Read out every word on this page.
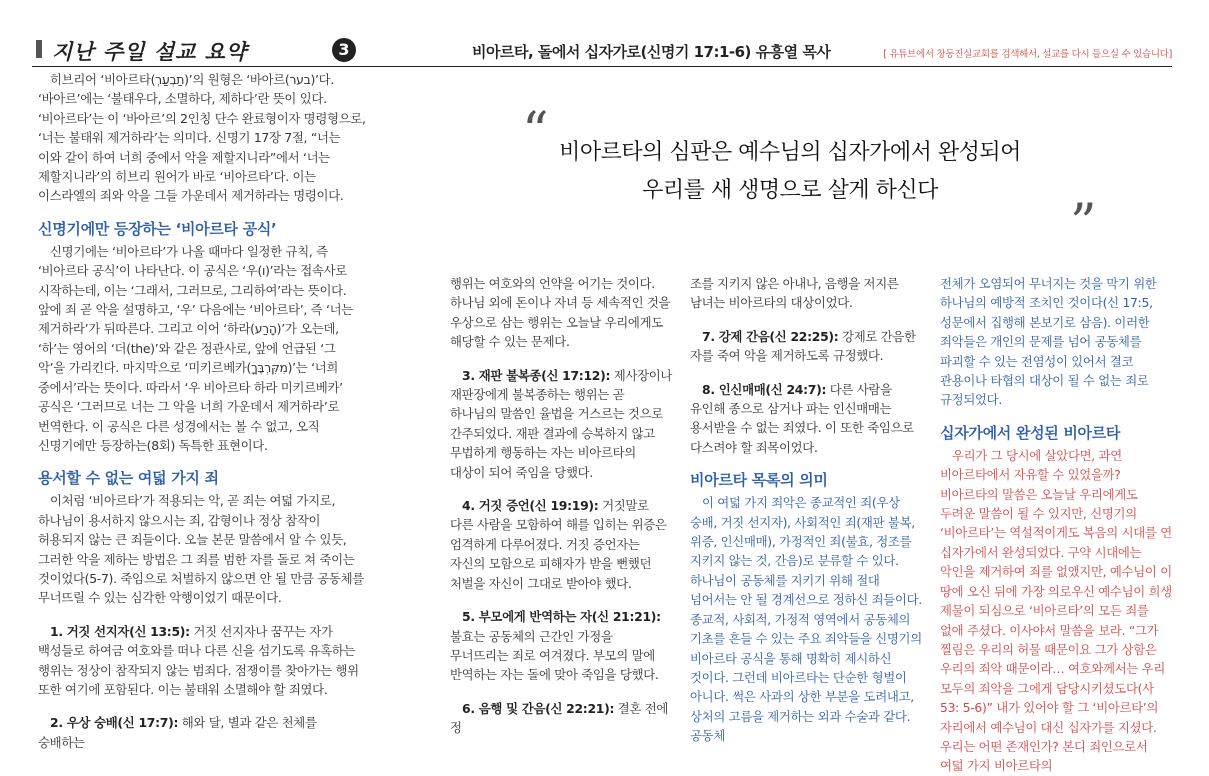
지난 주일 설교 요약	3	비아르타, 돌에서 십자가로(신명기 17:1-6) 유흥열 목사	[ 유튜브에서 창동진실교회를 검색해서, 설교를 다시 들으실 수 있습니다]
“ 비아르타의 심판은 예수님의 십자가에서 완성되어
우리를 새 생명으로 살게 하신다
”

히브리어 ‘비아르타(תַבְעַרְ)’의 원형은 ‘바아르(בער)’다. ‘바아르’에는 ‘불태우다, 소멸하다, 제하다’란 뜻이 있다. ‘비아르타’는 이 ‘바아르’의 2인칭 단수 완료형이자 명령형으로, ‘너는 불태워 제거하라’는 의미다. 신명기 17장 7절, “너는 이와 같이 하여 너희 중에서 악을 제할지니라”에서 ‘너는 제할지니라’의 히브리 원어가 바로 ‘비아르타’다. 이는 이스라엘의 죄와 악을 그들 가운데서 제거하라는 명령이다.

신명기에만 등장하는 ‘비아르타 공식’

신명기에는 ‘비아르타’가 나올 때마다 일정한 규칙, 즉 ‘비아르타 공식’이 나타난다. 이 공식은 ‘우(ו)’라는 접속사로 시작하는데, 이는 ‘그래서, 그러므로, 그리하여’라는 뜻이다. 앞에 죄 곧 악을 설명하고, ‘우’ 다음에는 ‘비아르타’, 즉 ‘너는 제거하라’가 뒤따른다. 그리고 이어 ‘하라(הָרַע)’가 오는데, ‘하’는 영어의 ‘더(the)’와 같은 정관사로, 앞에 언급된 ‘그 악’을 가리킨다. 마지막으로 ‘미키르베카(מִקִּרְבֶּךָ)’는 ‘너희 중에서’라는 뜻이다. 따라서 ‘우 비아르타 하라 미키르베카’ 공식은 ‘그러므로 너는 그 악을 너희 가운데서 제거하라’로 번역한다. 이 공식은 다른 성경에서는 볼 수 없고, 오직 신명기에만 등장하는(8회) 독특한 표현이다.

용서할 수 없는 여덟 가지 죄

이처럼 ‘비아르타’가 적용되는 악, 곧 죄는 여덟 가지로, 하나님이 용서하지 않으시는 죄, 감형이나 정상 참작이 허용되지 않는 큰 죄들이다. 오늘 본문 말씀에서 알 수 있듯, 그러한 악을 제하는 방법은 그 죄를 범한 자를 돌로 쳐 죽이는 것이었다(5-7). 죽임으로 처벌하지 않으면 안 될 만큼 공동체를 무너뜨릴 수 있는 심각한 악행이었기 때문이다.

1. 거짓 선지자(신 13:5): 거짓 선지자나 꿈꾸는 자가 백성들로 하여금 여호와를 떠나 다른 신을 섬기도록 유혹하는 행위는 정상이 참작되지 않는 범죄다. 점쟁이를 찾아가는 행위 또한 여기에 포함된다. 이는 불태워 소멸해야 할 죄였다.

2. 우상 숭배(신 17:7): 해와 달, 별과 같은 천체를 숭배하는

행위는 여호와의 언약을 어기는 것이다. 하나님 외에 돈이나 자녀 등 세속적인 것을 우상으로 삼는 행위는 오늘날 우리에게도 해당할 수 있는 문제다.

3. 재판 불복종(신 17:12): 제사장이나 재판장에게 불복종하는 행위는 곧 하나님의 말씀인 율법을 거스르는 것으로 간주되었다. 재판 결과에 승복하지 않고 무법하게 행동하는 자는 비아르타의 대상이 되어 죽임을 당했다.

4. 거짓 증언(신 19:19): 거짓말로 다른 사람을 모함하여 해를 입히는 위증은 엄격하게 다루어졌다. 거짓 증언자는 자신의 모함으로 피해자가 받을 뻔했던 처벌을 자신이 그대로 받아야 했다.

5. 부모에게 반역하는 자(신 21:21): 불효는 공동체의 근간인 가정을 무너뜨리는 죄로 여겨졌다. 부모의 말에 반역하는 자는 돌에 맞아 죽임을 당했다.

6. 음행 및 간음(신 22:21): 결혼 전에 정

조를 지키지 않은 아내나, 음행을 저지른 남녀는 비아르타의 대상이었다.

7. 강제 간음(신 22:25): 강제로 간음한 자를 죽여 악을 제거하도록 규정했다.

8. 인신매매(신 24:7): 다른 사람을 유인해 종으로 삼거나 파는 인신매매는 용서받을 수 없는 죄였다. 이 또한 죽임으로 다스려야 할 죄목이었다.

비아르타 목록의 의미

이 여덟 가지 죄악은 종교적인 죄(우상 숭배, 거짓 선지자), 사회적인 죄(재판 불복, 위증, 인신매매), 가정적인 죄(불효, 정조를 지키지 않는 것, 간음)로 분류할 수 있다. 하나님이 공동체를 지키기 위해 절대 넘어서는 안 될 경계선으로 정하신 죄들이다. 종교적, 사회적, 가정적 영역에서 공동체의 기초를 흔들 수 있는 주요 죄악들을 신명기의 비아르타 공식을 통해 명확히 제시하신 것이다. 그런데 비아르타는 단순한 형벌이 아니다. 썩은 사과의 상한 부분을 도려내고, 상처의 고름을 제거하는 외과 수술과 같다. 공동체

전체가 오염되어 무너지는 것을 막기 위한 하나님의 예방적 조치인 것이다(신 17:5, 성문에서 집행해 본보기로 삼음). 이러한 죄악들은 개인의 문제를 넘어 공동체를 파괴할 수 있는 전염성이 있어서 결코 관용이나 타협의 대상이 될 수 없는 죄로 규정되었다.

십자가에서 완성된 비아르타

우리가 그 당시에 살았다면, 과연 비아르타에서 자유할 수 있었을까? 비아르타의 말씀은 오늘날 우리에게도 두려운 말씀이 될 수 있지만, 신명기의 ‘비아르타’는 역설적이게도 복음의 시대를 연 십자가에서 완성되었다. 구약 시대에는 악인을 제거하여 죄를 없앴지만, 예수님이 이 땅에 오신 뒤에 가장 의로우신 예수님이 희생 제물이 되심으로 ‘비아르타’의 모든 죄를 없애 주셨다. 이사야서 말씀을 보라. “그가 찔림은 우리의 허물 때문이요 그가 상함은 우리의 죄악 때문이라… 여호와께서는 우리 모두의 죄악을 그에게 담당시키셨도다(사 53: 5-6)” 내가 있어야 할 그 ‘비아르타’의 자리에서 예수님이 대신 십자가를 지셨다. 우리는 어떤 존재인가? 본디 죄인으로서 여덟 가지 비아르타의
